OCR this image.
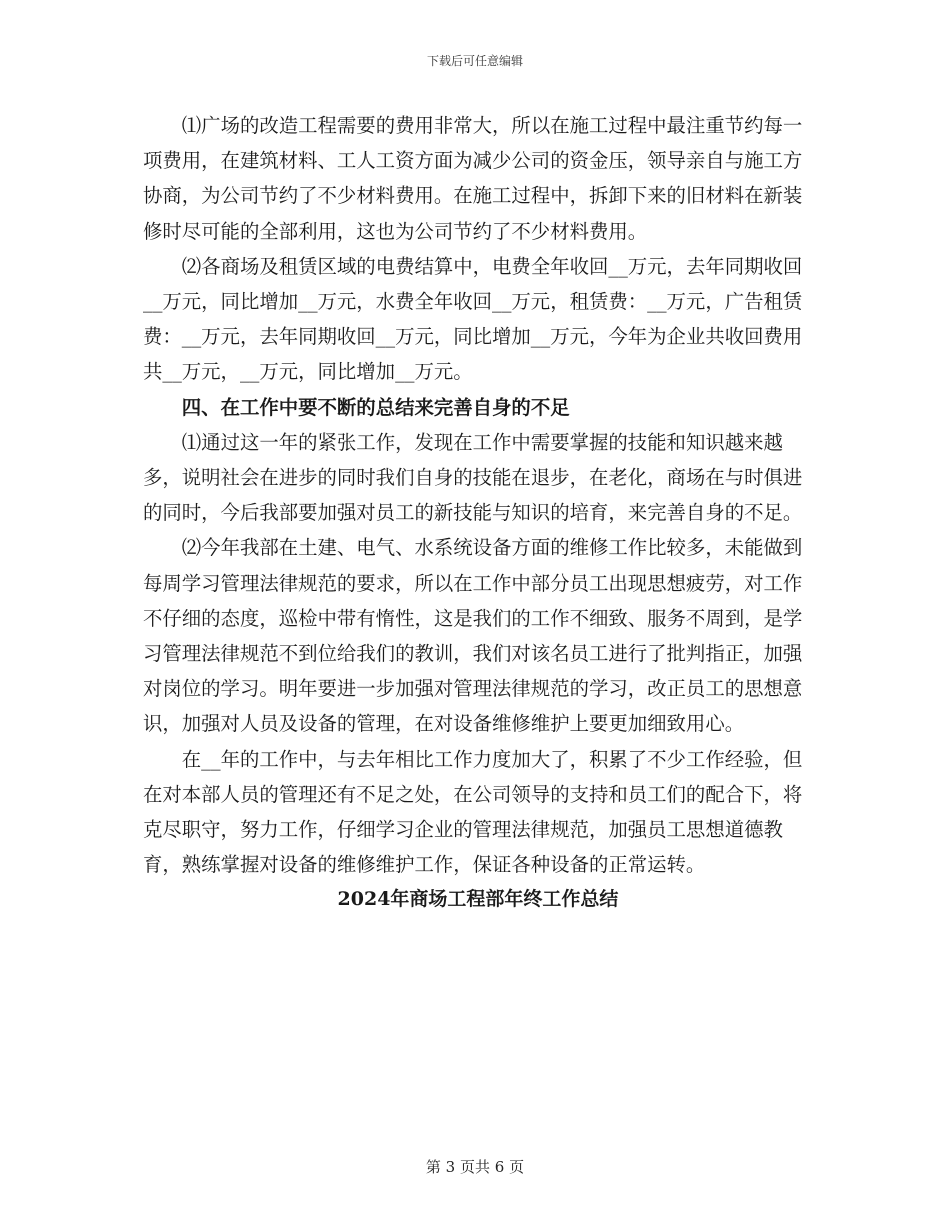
下载后可任意编辑

⑴广场的改造工程需要的费用非常大，所以在施工过程中最注重节约每一项费用，在建筑材料、工人工资方面为减少公司的资金压，领导亲自与施工方协商，为公司节约了不少材料费用。在施工过程中，拆卸下来的旧材料在新装修时尽可能的全部利用，这也为公司节约了不少材料费用。

⑵各商场及租赁区域的电费结算中，电费全年收回__万元，去年同期收回__万元，同比增加__万元，水费全年收回__万元，租赁费：__万元，广告租赁费：__万元，去年同期收回__万元，同比增加__万元，今年为企业共收回费用共__万元，__万元，同比增加__万元。

四、在工作中要不断的总结来完善自身的不足

⑴通过这一年的紧张工作，发现在工作中需要掌握的技能和知识越来越多，说明社会在进步的同时我们自身的技能在退步，在老化，商场在与时俱进的同时，今后我部要加强对员工的新技能与知识的培育，来完善自身的不足。

⑵今年我部在土建、电气、水系统设备方面的维修工作比较多，未能做到每周学习管理法律规范的要求，所以在工作中部分员工出现思想疲劳，对工作不仔细的态度，巡检中带有惰性，这是我们的工作不细致、服务不周到，是学习管理法律规范不到位给我们的教训，我们对该名员工进行了批判指正，加强对岗位的学习。明年要进一步加强对管理法律规范的学习，改正员工的思想意识，加强对人员及设备的管理，在对设备维修维护上要更加细致用心。

在__年的工作中，与去年相比工作力度加大了，积累了不少工作经验，但在对本部人员的管理还有不足之处，在公司领导的支持和员工们的配合下，将克尽职守，努力工作，仔细学习企业的管理法律规范，加强员工思想道德教育，熟练掌握对设备的维修维护工作，保证各种设备的正常运转。

2024年商场工程部年终工作总结

第 3 页共 6 页
